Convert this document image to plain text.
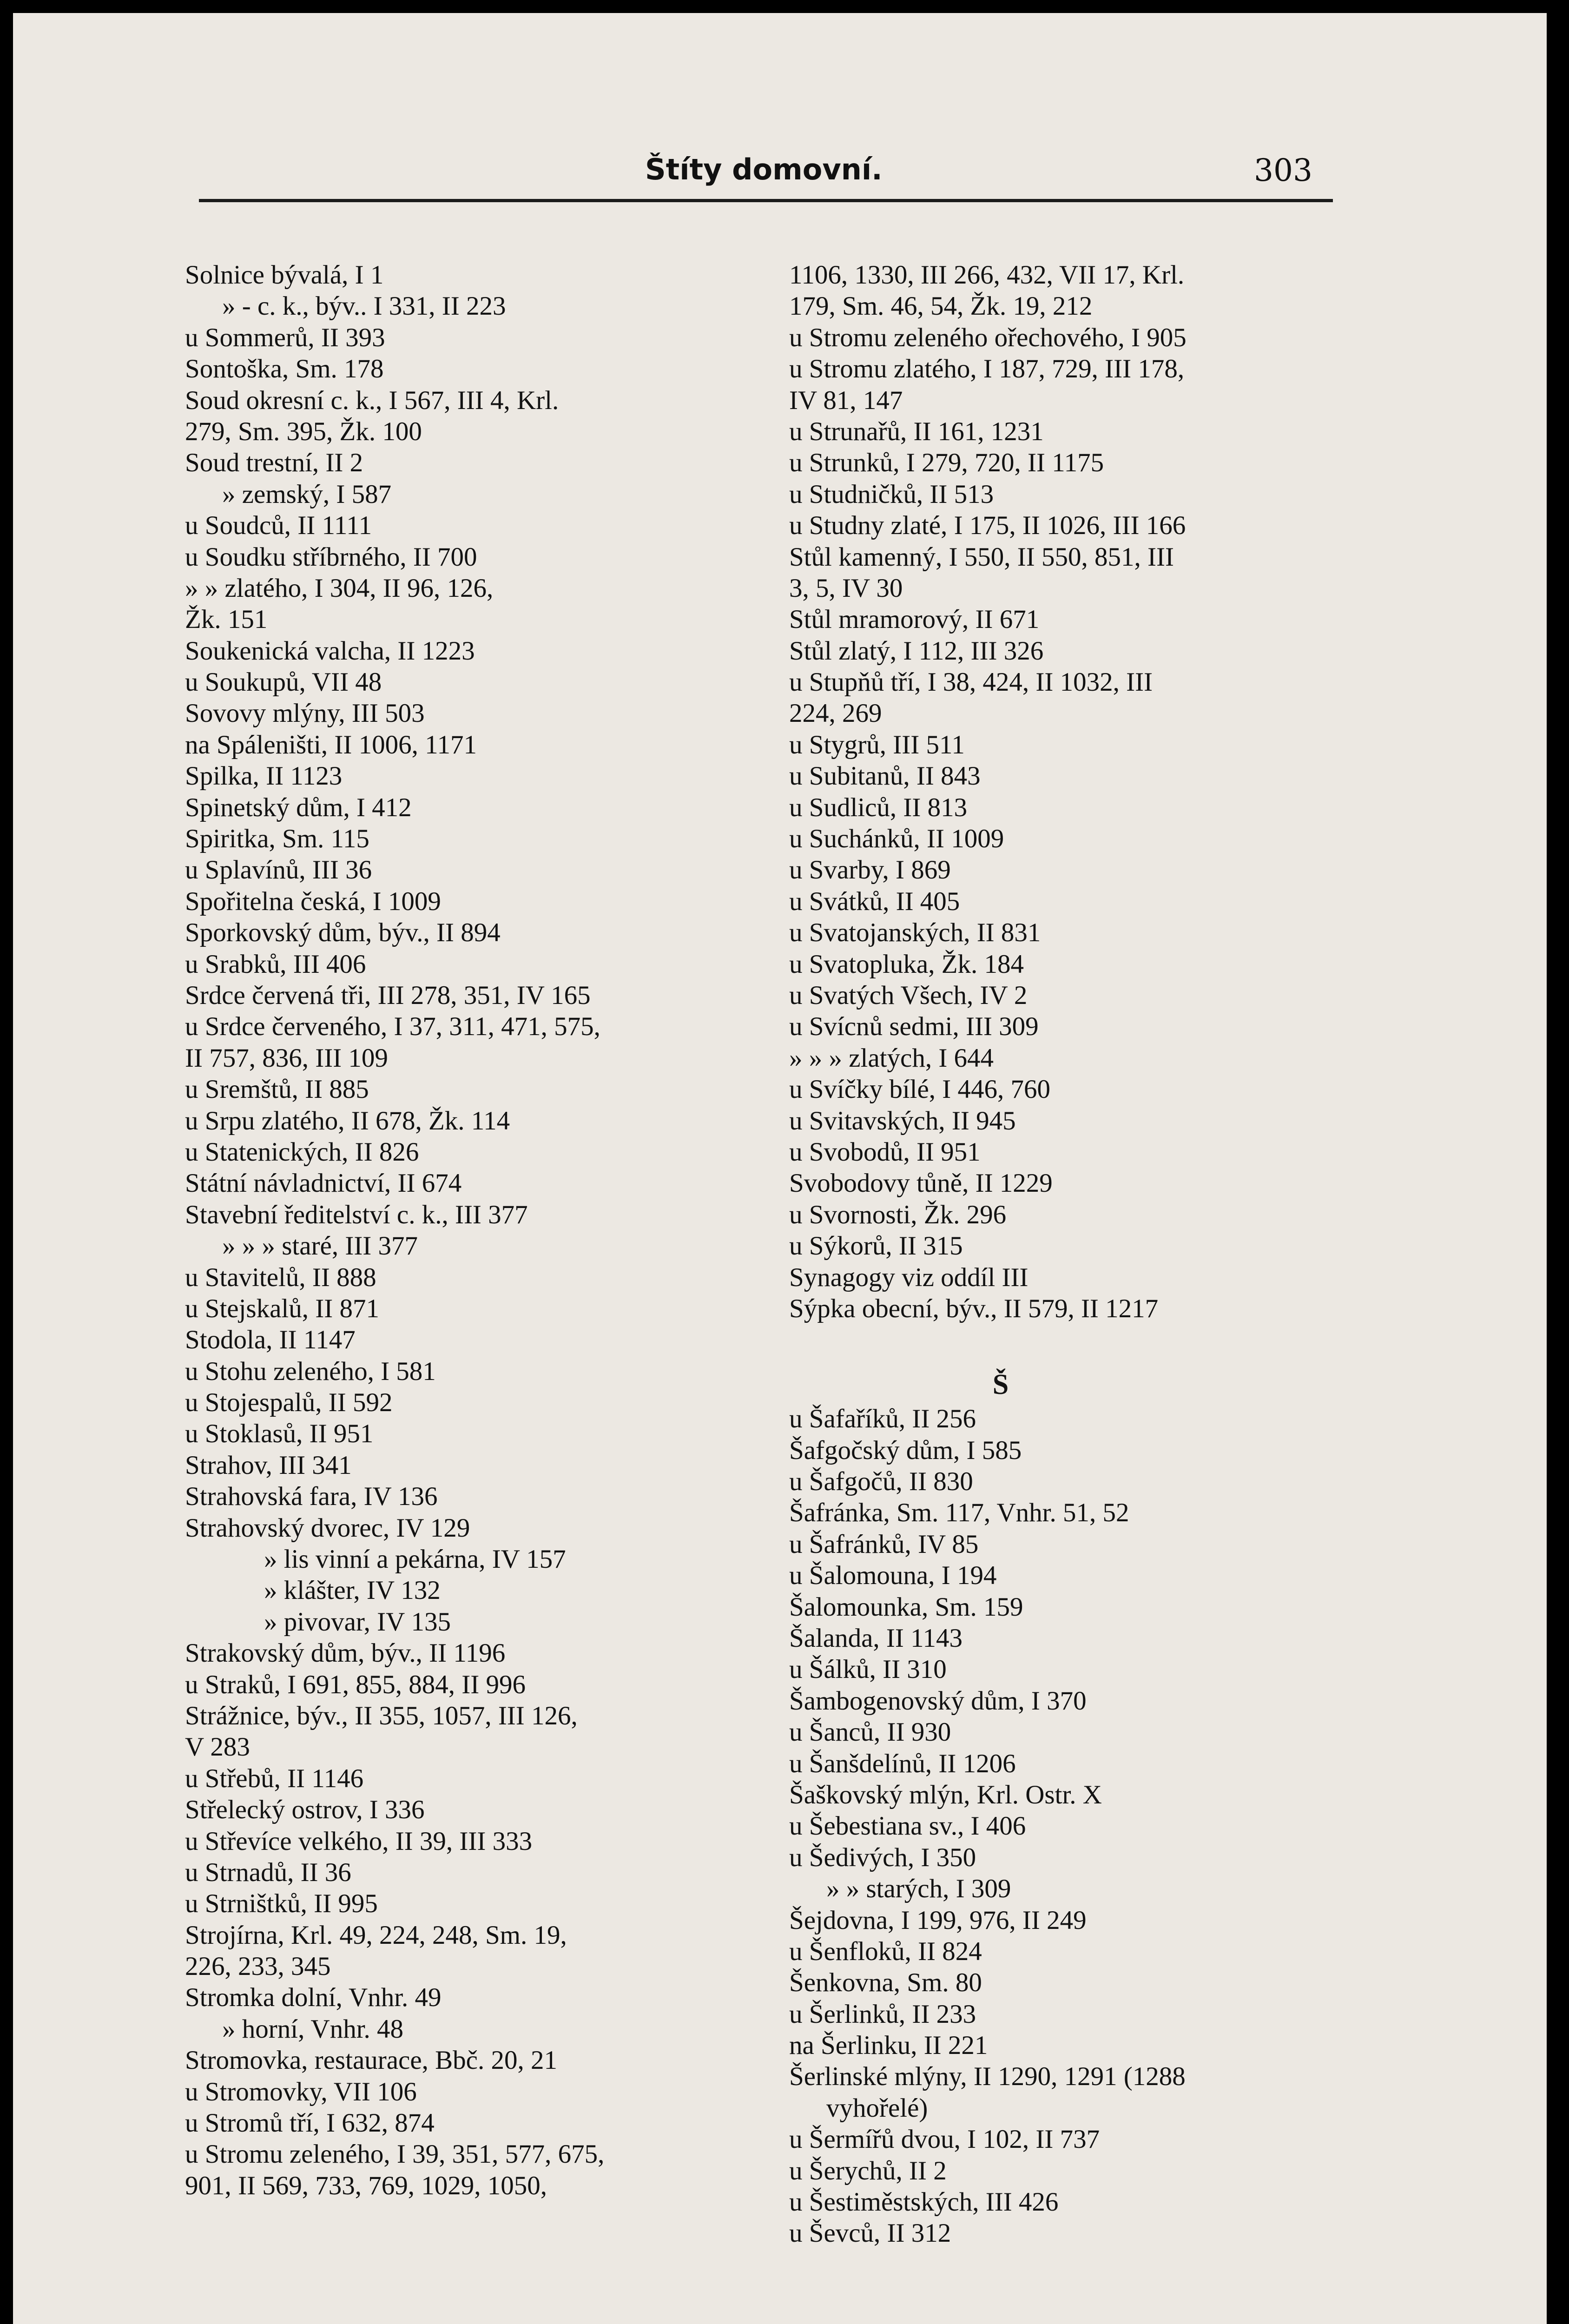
Štíty domovní.	303
Solnice bývalá, I 1
» - c. k., býv.. I 331, II 223
u Sommerů, II 393
Sontoška, Sm. 178
Soud okresní c. k., I 567, III 4, Krl.
279, Sm. 395, Žk. 100
Soud trestní, II 2
» zemský, I 587
u Soudců, II 1111
u Soudku stříbrného, II 700
» » zlatého, I 304, II 96, 126,
Žk. 151
Soukenická valcha, II 1223
u Soukupů, VII 48
Sovovy mlýny, III 503
na Spáleništi, II 1006, 1171
Spilka, II 1123
Spinetský dům, I 412
Spiritka, Sm. 115
u Splavínů, III 36
Spořitelna česká, I 1009
Sporkovský dům, býv., II 894
u Srabků, III 406
Srdce červená tři, III 278, 351, IV 165
u Srdce červeného, I 37, 311, 471, 575,
II 757, 836, III 109
u Sremštů, II 885
u Srpu zlatého, II 678, Žk. 114
u Statenických, II 826
Státní návladnictví, II 674
Stavební ředitelství c. k., III 377
» » » staré, III 377
u Stavitelů, II 888
u Stejskalů, II 871
Stodola, II 1147
u Stohu zeleného, I 581
u Stojespalů, II 592
u Stoklasů, II 951
Strahov, III 341
Strahovská fara, IV 136
Strahovský dvorec, IV 129
» lis vinní a pekárna, IV 157
» klášter, IV 132
» pivovar, IV 135
Strakovský dům, býv., II 1196
u Straků, I 691, 855, 884, II 996
Strážnice, býv., II 355, 1057, III 126,
V 283
u Střebů, II 1146
Střelecký ostrov, I 336
u Střevíce velkého, II 39, III 333
u Strnadů, II 36
u Strništků, II 995
Strojírna, Krl. 49, 224, 248, Sm. 19,
226, 233, 345
Stromka dolní, Vnhr. 49
» horní, Vnhr. 48
Stromovka, restaurace, Bbč. 20, 21
u Stromovky, VII 106
u Stromů tří, I 632, 874
u Stromu zeleného, I 39, 351, 577, 675,
901, II 569, 733, 769, 1029, 1050,
1106, 1330, III 266, 432, VII 17, Krl.
179, Sm. 46, 54, Žk. 19, 212
u Stromu zeleného ořechového, I 905
u Stromu zlatého, I 187, 729, III 178,
IV 81, 147
u Strunařů, II 161, 1231
u Strunků, I 279, 720, II 1175
u Studničků, II 513
u Studny zlaté, I 175, II 1026, III 166
Stůl kamenný, I 550, II 550, 851, III
3, 5, IV 30
Stůl mramorový, II 671
Stůl zlatý, I 112, III 326
u Stupňů tří, I 38, 424, II 1032, III
224, 269
u Stygrů, III 511
u Subitanů, II 843
u Sudliců, II 813
u Suchánků, II 1009
u Svarby, I 869
u Svátků, II 405
u Svatojanských, II 831
u Svatopluka, Žk. 184
u Svatých Všech, IV 2
u Svícnů sedmi, III 309
» » » zlatých, I 644
u Svíčky bílé, I 446, 760
u Svitavských, II 945
u Svobodů, II 951
Svobodovy tůně, II 1229
u Svornosti, Žk. 296
u Sýkorů, II 315
Synagogy viz oddíl III
Sýpka obecní, býv., II 579, II 1217
Š
u Šafaříků, II 256
Šafgočský dům, I 585
u Šafgočů, II 830
Šafránka, Sm. 117, Vnhr. 51, 52
u Šafránků, IV 85
u Šalomouna, I 194
Šalomounka, Sm. 159
Šalanda, II 1143
u Šálků, II 310
Šambogenovský dům, I 370
u Šanců, II 930
u Šanšdelínů, II 1206
Šaškovský mlýn, Krl. Ostr. X
u Šebestiana sv., I 406
u Šedivých, I 350
» » starých, I 309
Šejdovna, I 199, 976, II 249
u Šenfloků, II 824
Šenkovna, Sm. 80
u Šerlinků, II 233
na Šerlinku, II 221
Šerlinské mlýny, II 1290, 1291 (1288
vyhořelé)
u Šermířů dvou, I 102, II 737
u Šerychů, II 2
u Šestiměstských, III 426
u Ševců, II 312
